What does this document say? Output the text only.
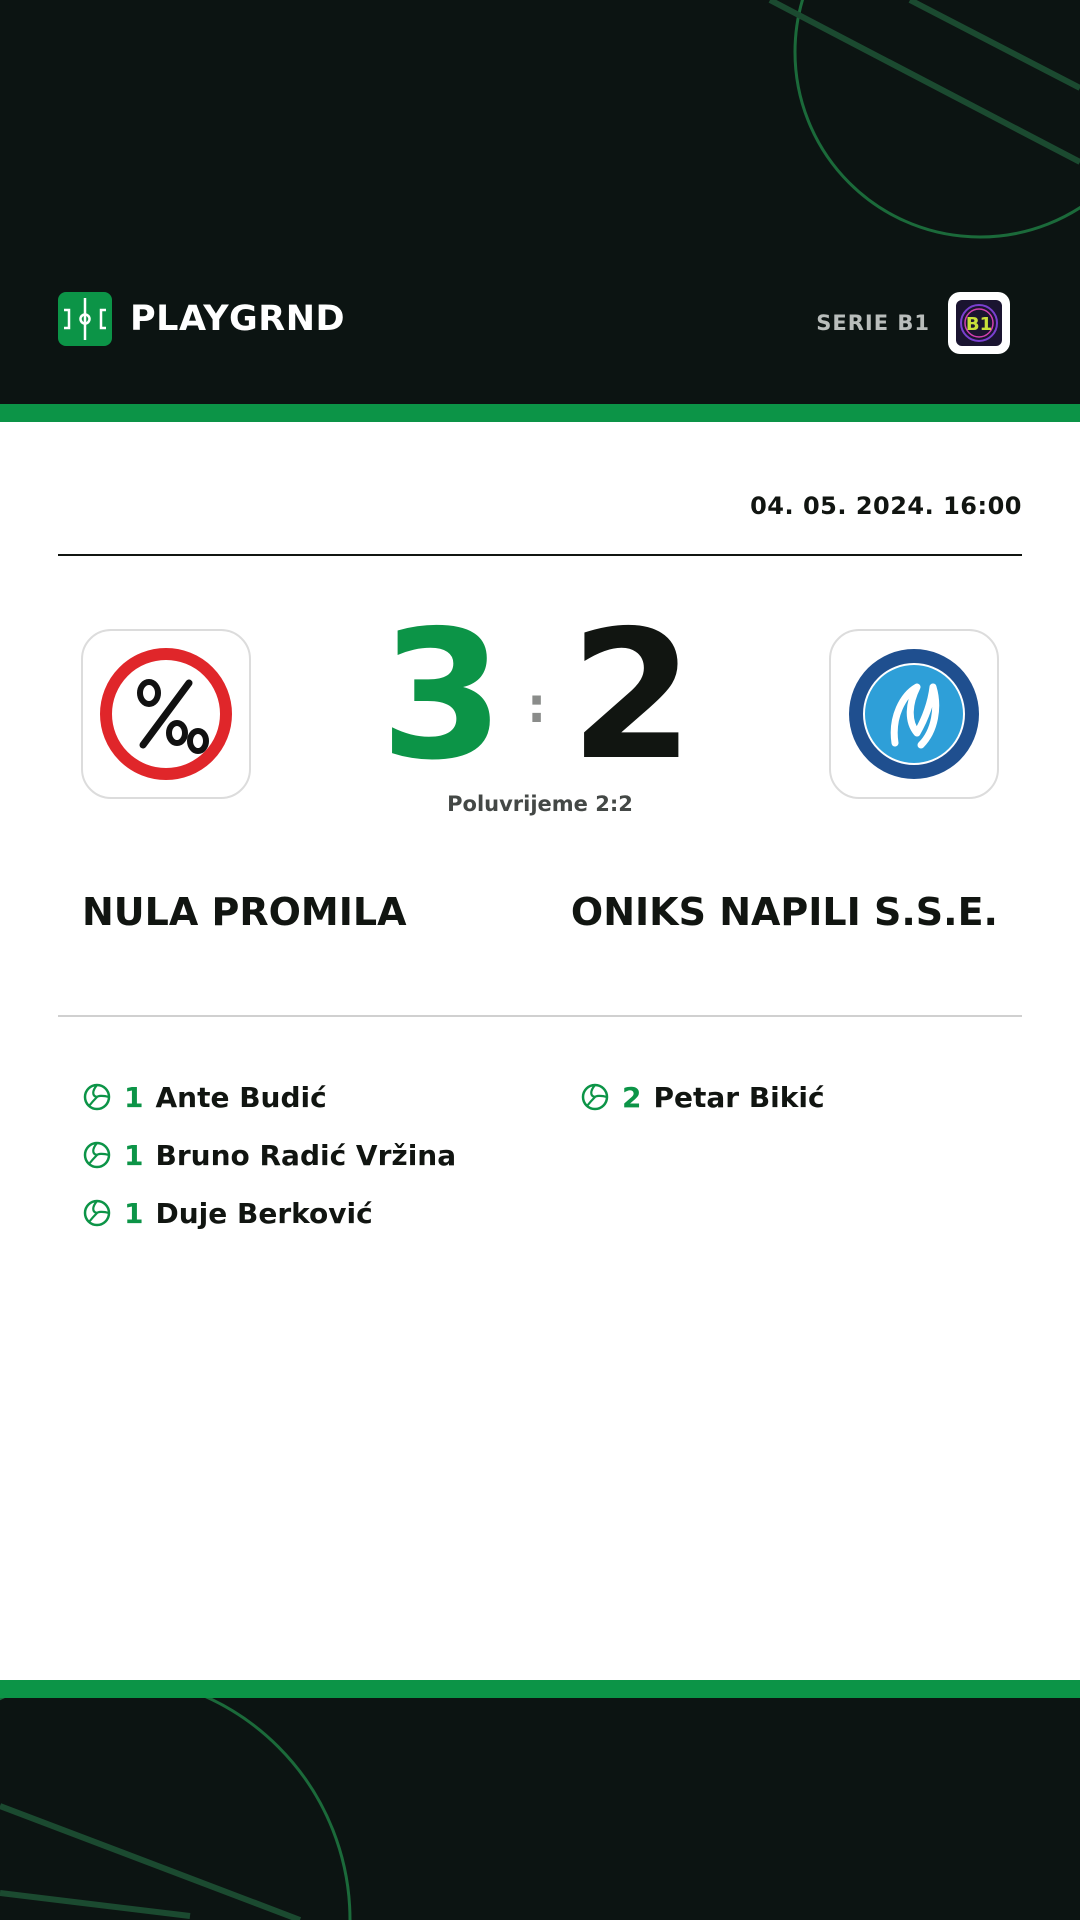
PLAYGRND	SERIE B1 B1
04. 05. 2024. 16:00
3 : 2
Poluvrijeme 2:2
NULA PROMILA	ONIKS NAPILI S.S.E.
1 Ante Budić
1 Bruno Radić Vržina
1 Duje Berković
2 Petar Bikić
